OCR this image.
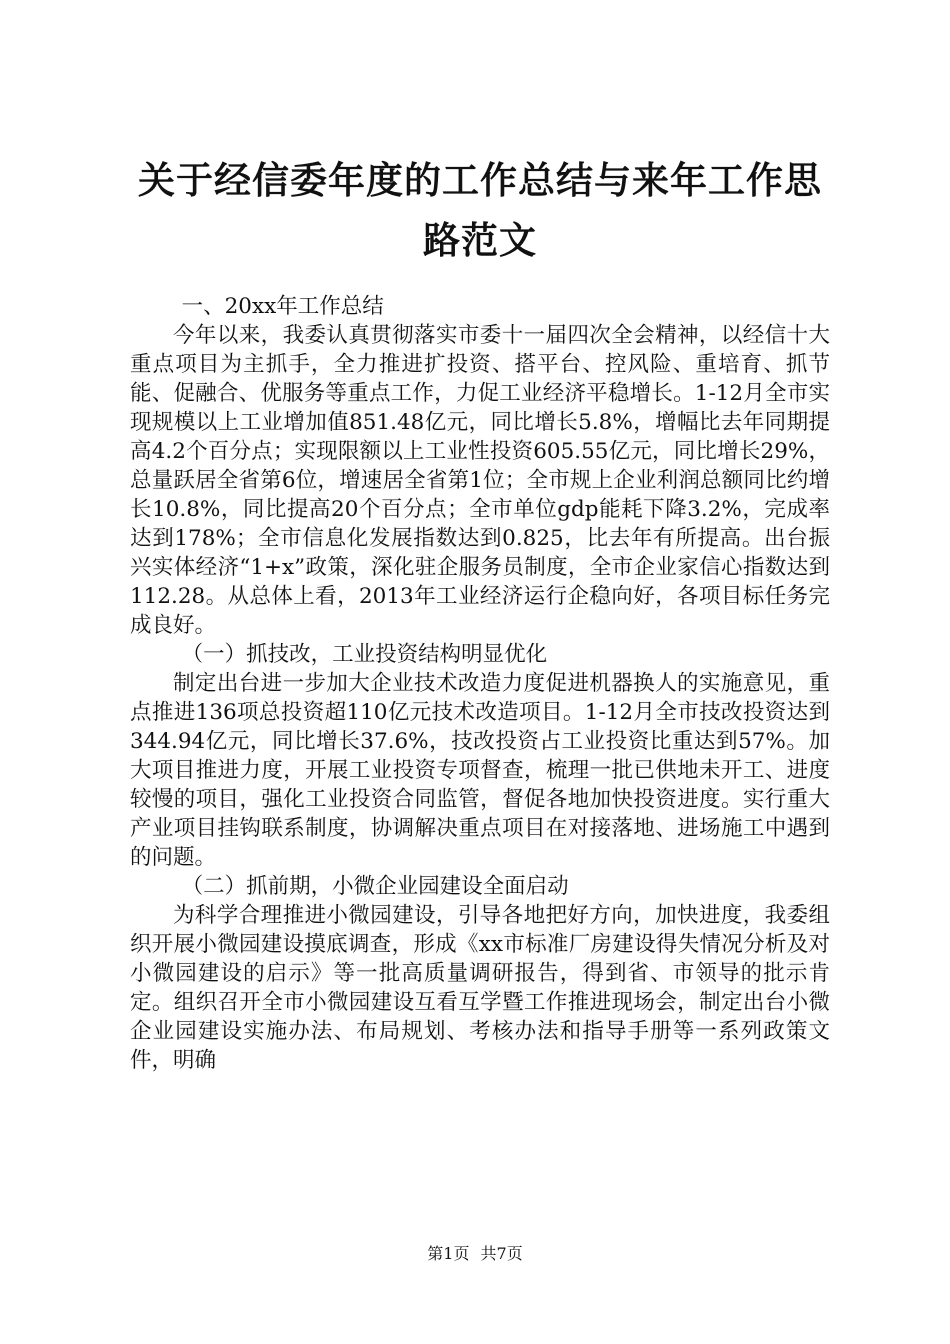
关于经信委年度的工作总结与来年工作思路范文

一、20xx年工作总结

今年以来，我委认真贯彻落实市委十一届四次全会精神，以经信十大重点项目为主抓手，全力推进扩投资、搭平台、控风险、重培育、抓节能、促融合、优服务等重点工作，力促工业经济平稳增长。1-12月全市实现规模以上工业增加值851.48亿元，同比增长5.8%，增幅比去年同期提高4.2个百分点；实现限额以上工业性投资605.55亿元，同比增长29%，总量跃居全省第6位，增速居全省第1位；全市规上企业利润总额同比约增长10.8%，同比提高20个百分点；全市单位gdp能耗下降3.2%，完成率达到178%；全市信息化发展指数达到0.825，比去年有所提高。出台振兴实体经济“1+x”政策，深化驻企服务员制度，全市企业家信心指数达到112.28。从总体上看，2013年工业经济运行企稳向好，各项目标任务完成良好。

（一）抓技改，工业投资结构明显优化

制定出台进一步加大企业技术改造力度促进机器换人的实施意见，重点推进136项总投资超110亿元技术改造项目。1-12月全市技改投资达到344.94亿元，同比增长37.6%，技改投资占工业投资比重达到57%。加大项目推进力度，开展工业投资专项督查，梳理一批已供地未开工、进度较慢的项目，强化工业投资合同监管，督促各地加快投资进度。实行重大产业项目挂钩联系制度，协调解决重点项目在对接落地、进场施工中遇到的问题。

（二）抓前期，小微企业园建设全面启动

为科学合理推进小微园建设，引导各地把好方向，加快进度，我委组织开展小微园建设摸底调查，形成《xx市标准厂房建设得失情况分析及对小微园建设的启示》等一批高质量调研报告，得到省、市领导的批示肯定。组织召开全市小微园建设互看互学暨工作推进现场会，制定出台小微企业园建设实施办法、布局规划、考核办法和指导手册等一系列政策文件，明确

第1页 共7页
